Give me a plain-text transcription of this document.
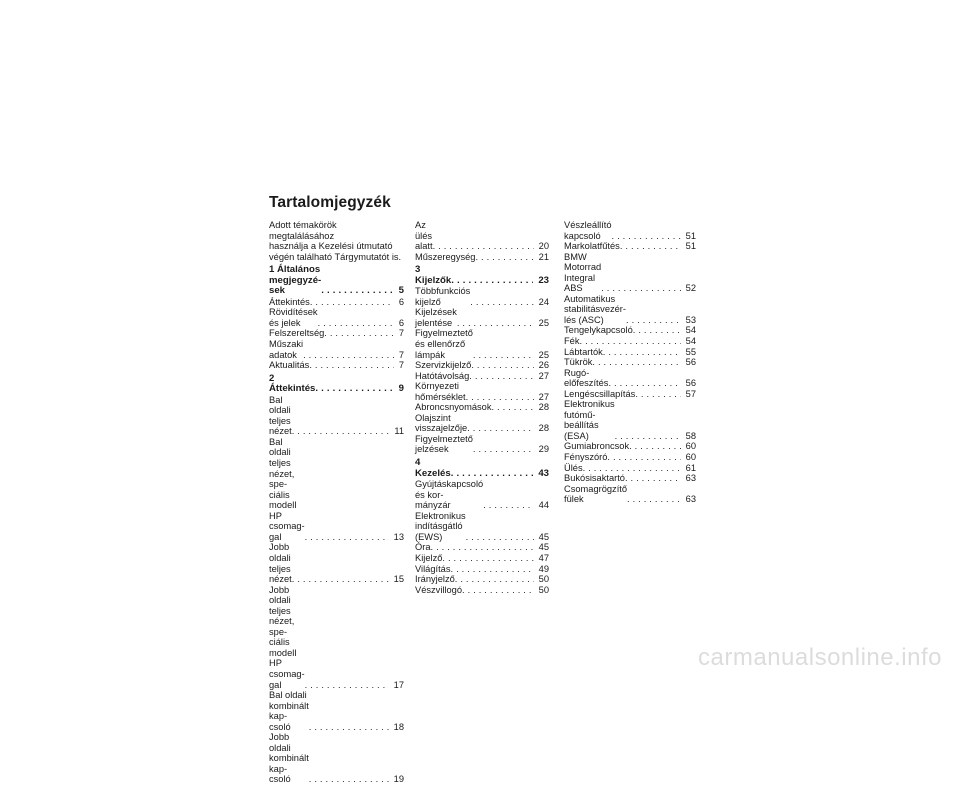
Tartalomjegyzék
Adott témakörök megtalálásához
használja a Kezelési útmutató
végén található Tárgymutatót is.
1 Általános megjegyzé-
sek . . .	5
Áttekintés . . .	6
Rövidítések és jelek . . .	6
Felszereltség . . .	7
Műszaki adatok . . .	7
Aktualitás . . .	7
2 Áttekintés . . .	9
Bal oldali teljes nézet . . .	11
Bal oldali teljes nézet, spe-
ciális modell HP csomag-
gal . . .	13
Jobb oldali teljes nézet . . .	15
Jobb oldali teljes nézet, spe-
ciális modell HP csomag-
gal . . .	17
Bal oldali kombinált kap-
csoló . . .	18
Jobb oldali kombinált kap-
csoló . . .	19
Az ülés alatt . . .	20
Műszeregység . . .	21
3 Kijelzők . . .	23
Többfunkciós kijelző . . .	24
Kijelzések jelentése . . .	25
Figyelmeztető és ellenőrző
lámpák . . .	25
Szervizkijelző . . .	26
Hatótávolság . . .	27
Környezeti hőmérséklet . . .	27
Abroncsnyomások . . .	28
Olajszint visszajelzője . . .	28
Figyelmeztető jelzések . . .	29
4 Kezelés . . .	43
Gyújtáskapcsoló és kor-
mányzár . . .	44
Elektronikus indításgátló
(EWS) . . .	45
Óra . . .	45
Kijelző . . .	47
Világítás . . .	49
Irányjelző . . .	50
Vészvillogó . . .	50
Vészleállító kapcsoló . . .	51
Markolatfűtés . . .	51
BMW Motorrad Integral
ABS . . .	52
Automatikus stabilitásvezér-
lés (ASC) . . .	53
Tengelykapcsoló . . .	54
Fék . . .	54
Lábtartók . . .	55
Tükrök . . .	56
Rugó-előfeszítés . . .	56
Lengéscsillapítás . . .	57
Elektronikus futómű-beállítás
(ESA) . . .	58
Gumiabroncsok . . .	60
Fényszóró . . .	60
Ülés . . .	61
Bukósisaktartó . . .	63
Csomagrögzítő fülek . . .	63
carmanualsonline.info
